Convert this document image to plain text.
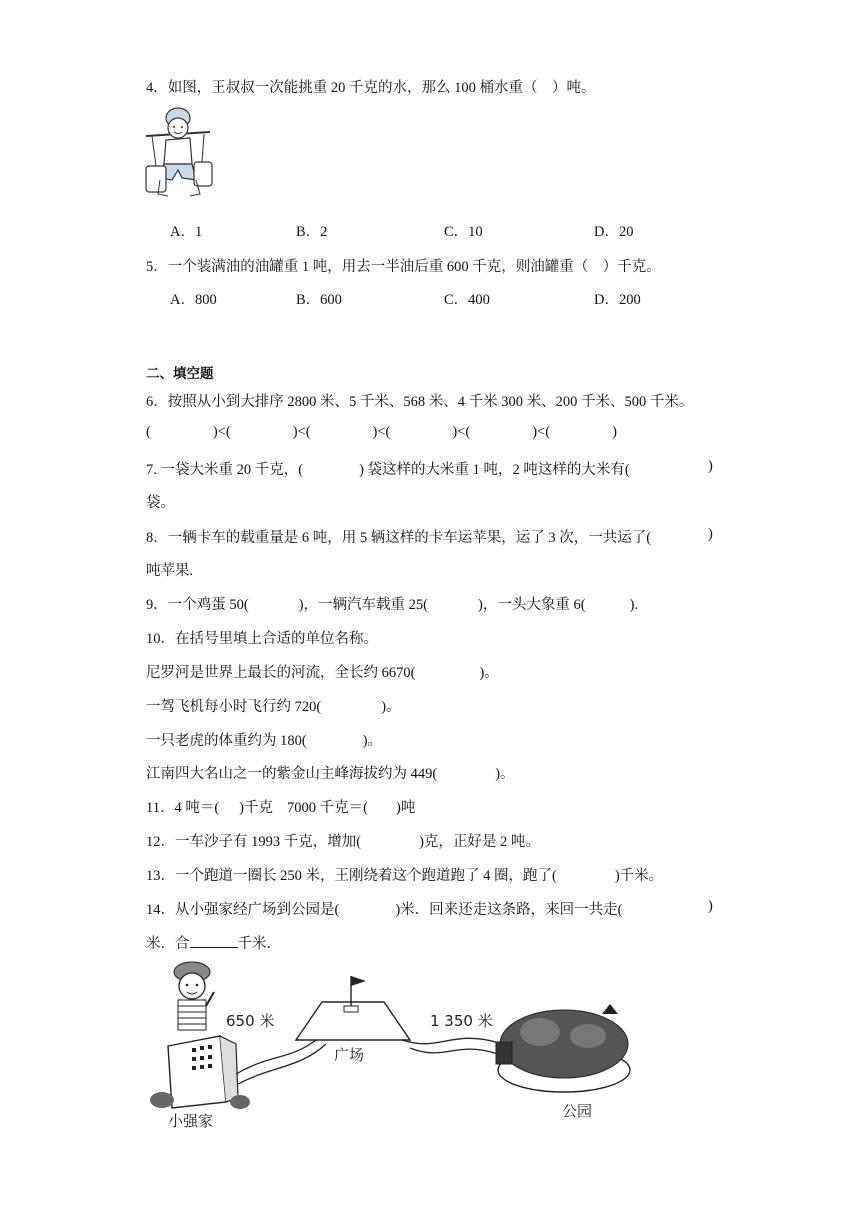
4．如图，王叔叔一次能挑重 20 千克的水，那么 100 桶水重（　）吨。
A．1	B．2	C．10	D．20
5．一个装满油的油罐重 1 吨，用去一半油后重 600 千克，则油罐重（　）千克。
A．800	B．600	C．400	D．200
二、填空题
6．按照从小到大排序 2800 米、5 千米、568 米、4 千米 300 米、200 千米、500 千米。
(	)<(	)<(	)<(	)<(	)<(	)
7. 一袋大米重 20 千克，(	) 袋这样的大米重 1 吨，2 吨这样的大米有(	)
袋。
8．一辆卡车的载重量是 6 吨，用 5 辆这样的卡车运苹果，运了 3 次，一共运了(	)
吨苹果.
9．一个鸡蛋 50(	)，一辆汽车载重 25(	)，一头大象重 6(	).
10．在括号里填上合适的单位名称。
尼罗河是世界上最长的河流，全长约 6670(	)。
一驾飞机每小时飞行约 720(	)。
一只老虎的体重约为 180(	)。
江南四大名山之一的紫金山主峰海拔约为 449(	)。
11．4 吨＝( )千克 7000 千克＝( )吨
12．一车沙子有 1993 千克，增加(	)克，正好是 2 吨。
13．一个跑道一圈长 250 米，王刚绕着这个跑道跑了 4 圈，跑了(	)千米。
14．从小强家经广场到公园是(	)米．回来还走这条路，来回一共走(	)
米．合	千米．
650 米	1 350 米
广场
小强家
公园
